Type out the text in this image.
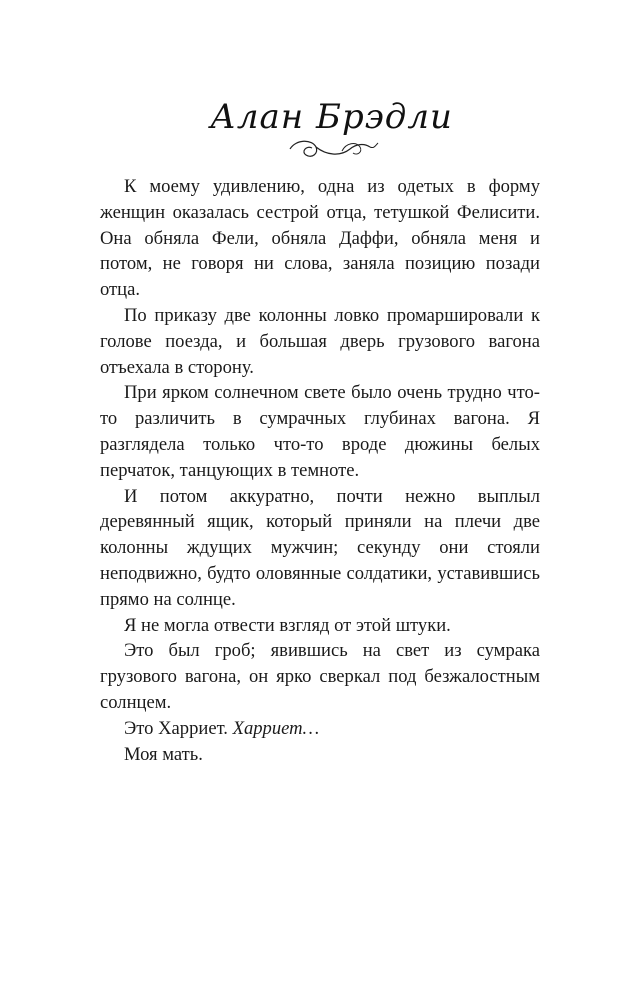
Алан Брэдли

К моему удивлению, одна из одетых в форму женщин оказалась сестрой отца, тетушкой Фелисити. Она обняла Фели, обняла Даффи, обняла меня и потом, не говоря ни слова, заняла позицию позади отца.

По приказу две колонны ловко промаршировали к голове поезда, и большая дверь грузового вагона отъехала в сторону.

При ярком солнечном свете было очень трудно что-то различить в сумрачных глубинах вагона. Я разглядела только что-то вроде дюжины белых перчаток, танцующих в темноте.

И потом аккуратно, почти нежно выплыл деревянный ящик, который приняли на плечи две колонны ждущих мужчин; секунду они стояли неподвижно, будто оловянные солдатики, уставившись прямо на солнце.

Я не могла отвести взгляд от этой штуки.

Это был гроб; явившись на свет из сумрака грузового вагона, он ярко сверкал под безжалостным солнцем.

Это Харриет. Харриет…

Моя мать.
